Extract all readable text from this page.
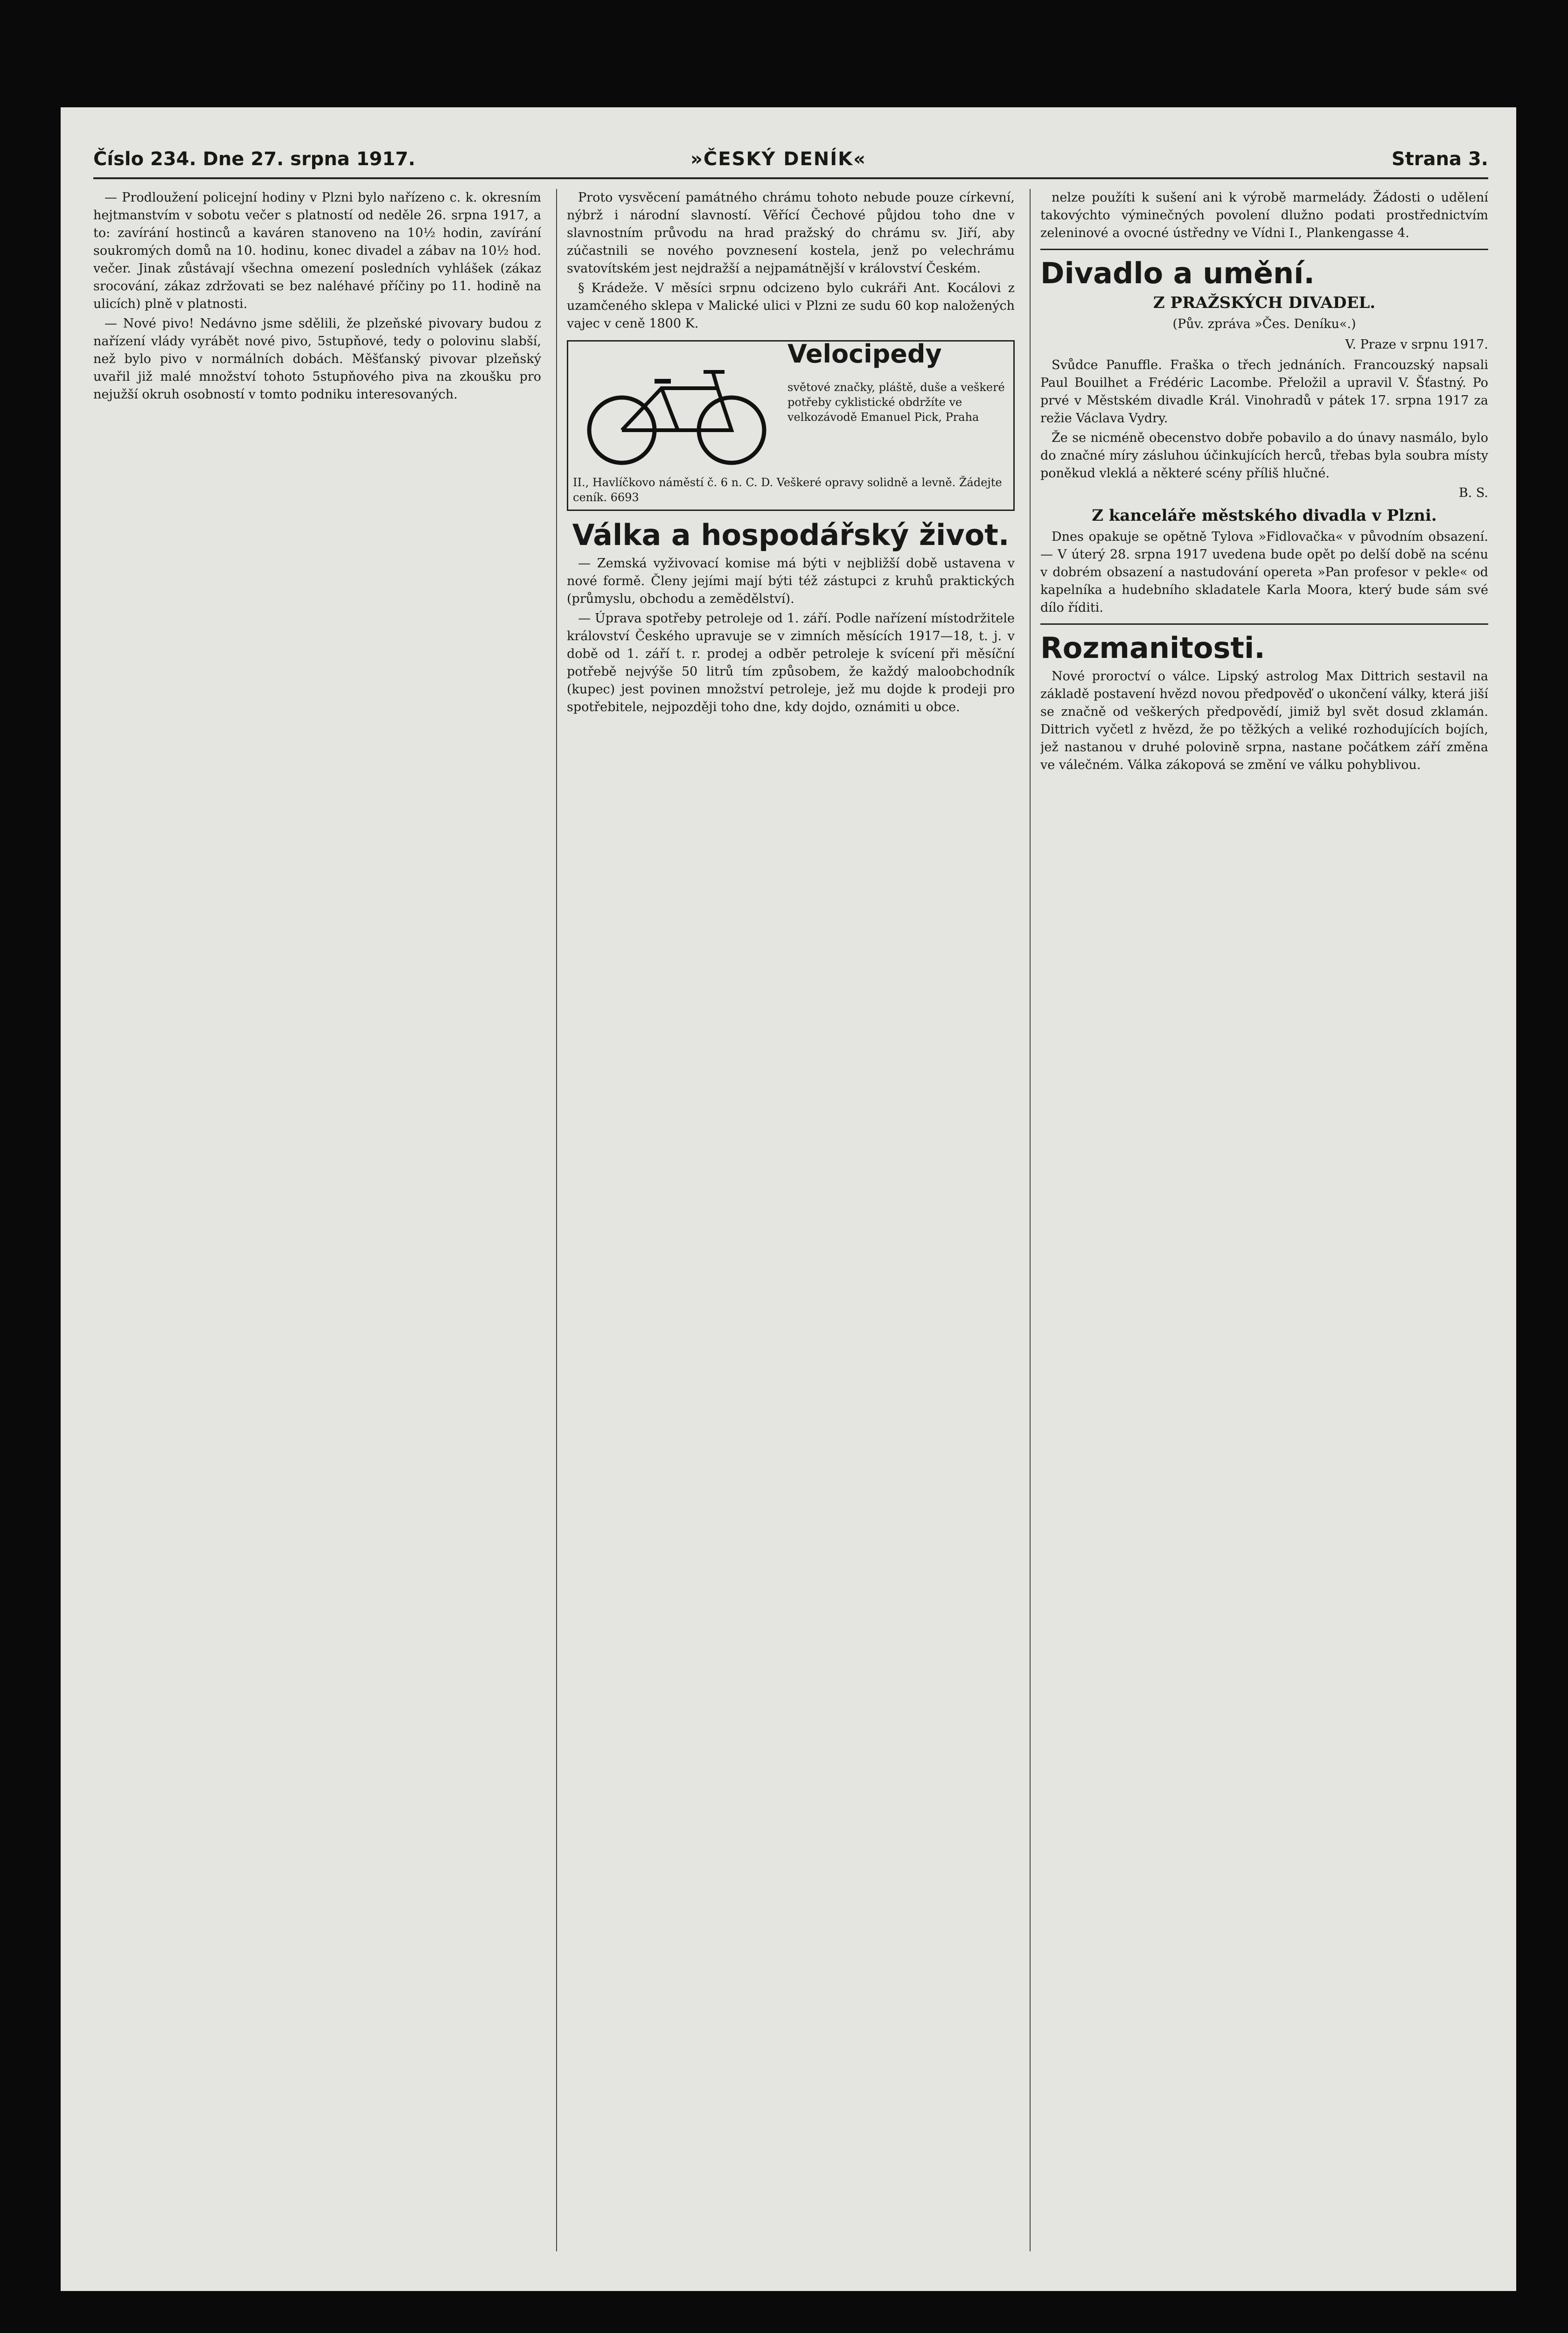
Číslo 234. Dne 27. srpna 1917.	»ČESKÝ DENÍK«	Strana 3.

— Prodloužení policejní hodiny v Plzni bylo nařízeno c. k. okresním hejtmanstvím v sobotu večer s platností od neděle 26. srpna 1917, a to: zavírání hostinců a kaváren stanoveno na 10½ hodin, zavírání soukromých domů na 10. hodinu, konec divadel a zábav na 10½ hod. večer. Jinak zůstávají všechna omezení posledních vyhlášek (zákaz srocování, zákaz zdržovati se bez naléhavé příčiny po 11. hodině na ulicích) plně v platnosti.

— Nové pivo! Nedávno jsme sdělili, že plzeňské pivovary budou z nařízení vlády vyrábět nové pivo, 5stupňové, tedy o polovinu slabší, než bylo pivo v normálních dobách. Měšťanský pivovar plzeňský uvařil již malé množství tohoto 5stupňového piva na zkoušku pro nejužší okruh osobností v tomto podniku interesovaných.

Proto vysvěcení památného chrámu tohoto nebude pouze církevní, nýbrž i národní slavností. Věřící Čechové půjdou toho dne v slavnostním průvodu na hrad pražský do chrámu sv. Jiří, aby zúčastnili se nového povznesení kostela, jenž po velechrámu svatovítském jest nejdražší a nejpamátnější v království Českém.

§ Krádeže. V měsíci srpnu odcizeno bylo cukráři Ant. Kocálovi z uzamčeného sklepa v Malické ulici v Plzni ze sudu 60 kop naložených vajec v ceně 1800 K.

Velocipedy
světové značky, pláště, duše a veškeré potřeby cyklistické obdržíte ve velkozávodě Emanuel Pick, Praha
II., Havlíčkovo náměstí č. 6 n. C. D. Veškeré opravy solidně a levně. Žádejte ceník. 6693
Válka a hospodářský život.

— Zemská vyživovací komise má býti v nejbližší době ustavena v nové formě. Členy jejími mají býti též zástupci z kruhů praktických (průmyslu, obchodu a zemědělství).

— Úprava spotřeby petroleje od 1. září. Podle nařízení místodržitele království Českého upravuje se v zimních měsících 1917—18, t. j. v době od 1. září t. r. prodej a odběr petroleje k svícení při měsíční potřebě nejvýše 50 litrů tím způsobem, že každý maloobchodník (kupec) jest povinen množství petroleje, jež mu dojde k prodeji pro spotřebitele, nejpozději toho dne, kdy dojdo, oznámiti u obce.

nelze použíti k sušení ani k výrobě marmelády. Žádosti o udělení takovýchto výminečných povolení dlužno podati prostřednictvím zeleninové a ovocné ústředny ve Vídni I., Plankengasse 4.

Divadlo a umění.
Z PRAŽSKÝCH DIVADEL.
(Pův. zpráva »Čes. Deníku«.)
V. Praze v srpnu 1917.

Svůdce Panuffle. Fraška o třech jednáních. Francouzský napsali Paul Bouilhet a Frédéric Lacombe. Přeložil a upravil V. Šťastný. Po prvé v Městském divadle Král. Vinohradů v pátek 17. srpna 1917 za režie Václava Vydry.

Že se nicméně obecenstvo dobře pobavilo a do únavy nasmálo, bylo do značné míry zásluhou účinkujících herců, třebas byla soubra místy poněkud vleklá a některé scény příliš hlučné.

B. S.
Z kanceláře městského divadla v Plzni.

Dnes opakuje se opětně Tylova »Fidlovačka« v původním obsazení. — V úterý 28. srpna 1917 uvedena bude opět po delší době na scénu v dobrém obsazení a nastudování opereta »Pan profesor v pekle« od kapelníka a hudebního skladatele Karla Moora, který bude sám své dílo říditi.

Rozmanitosti.

Nové proroctví o válce. Lipský astrolog Max Dittrich sestavil na základě postavení hvězd novou předpověď o ukončení války, která jiší se značně od veškerých předpovědí, jimiž byl svět dosud zklamán. Dittrich vyčetl z hvězd, že po těžkých a veliké rozhodujících bojích, jež nastanou v druhé polovině srpna, nastane počátkem září změna ve válečném. Válka zákopová se změní ve válku pohyblivou.
